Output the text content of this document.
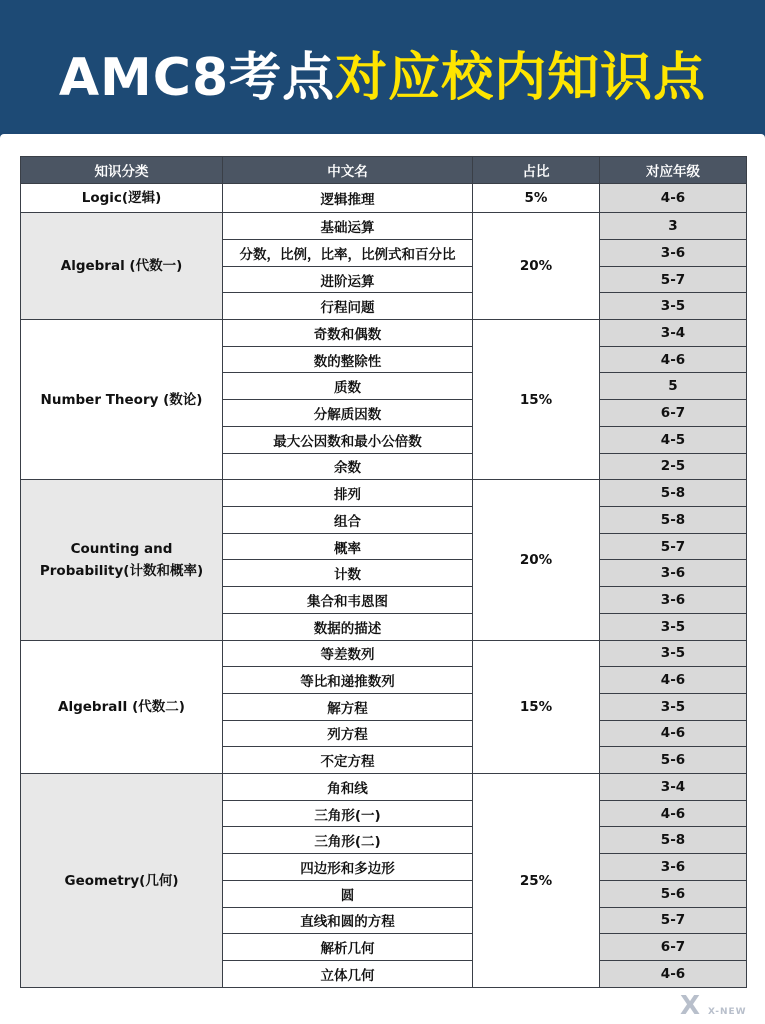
AMC8考点对应校内知识点
知识分类	中文名	占比	对应年级
Logic(逻辑)	逻辑推理	5%	4-6
Algebral (代数一)	基础运算	20%	3
	分数，比例，比率，比例式和百分比		3-6
	进阶运算		5-7
	行程问题		3-5
Number Theory (数论)	奇数和偶数	15%	3-4
	数的整除性		4-6
	质数		5
	分解质因数		6-7
	最大公因数和最小公倍数		4-5
	余数		2-5
Counting and Probability(计数和概率)	排列	20%	5-8
	组合		5-8
	概率		5-7
	计数		3-6
	集合和韦恩图		3-6
	数据的描述		3-5
AlgebraII (代数二)	等差数列	15%	3-5
	等比和递推数列		4-6
	解方程		3-5
	列方程		4-6
	不定方程		5-6
Geometry(几何)	角和线	25%	3-4
	三角形(一)		4-6
	三角形(二)		5-8
	四边形和多边形		3-6
	圆		5-6
	直线和圆的方程		5-7
	解析几何		6-7
	立体几何		4-6
X X-NEW
